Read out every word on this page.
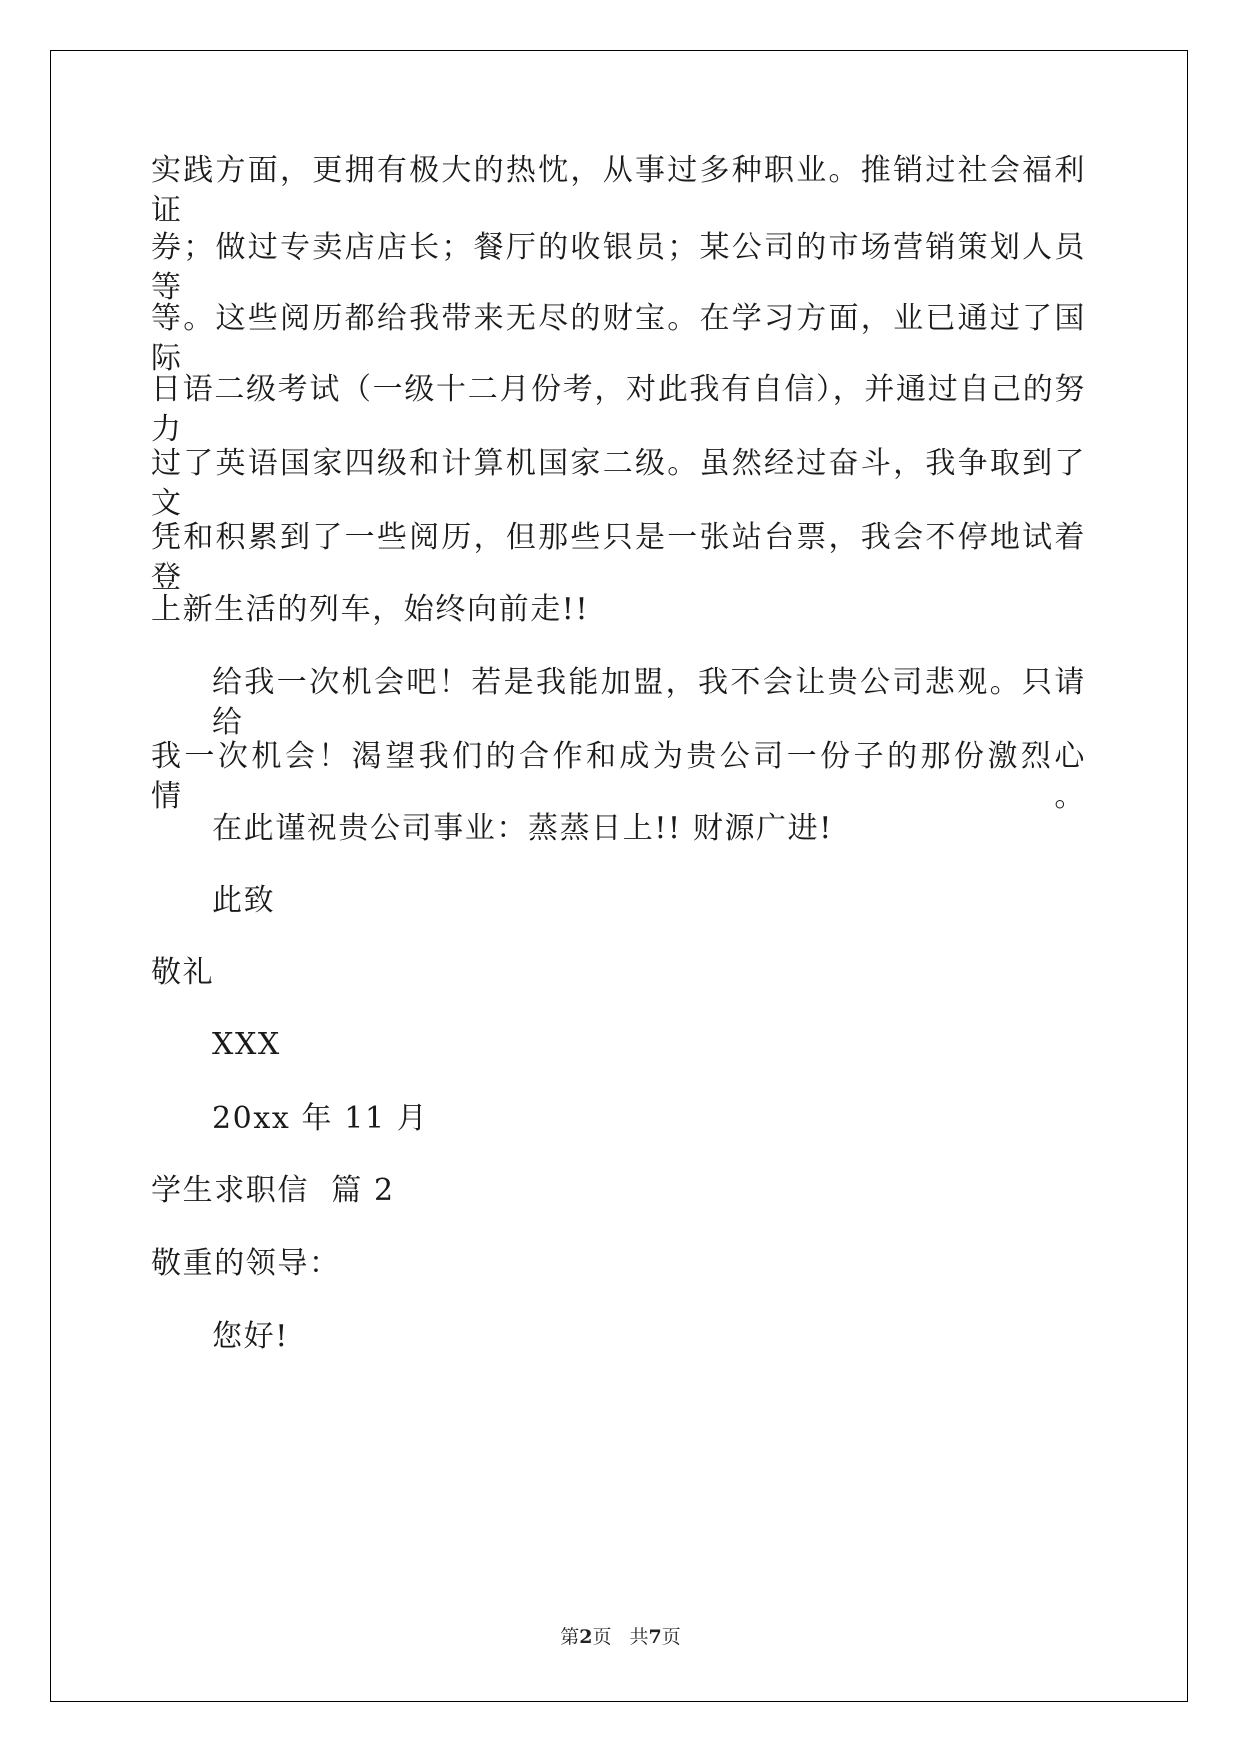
实践方面，更拥有极大的热忱，从事过多种职业。推销过社会福利证
券；做过专卖店店长；餐厅的收银员；某公司的市场营销策划人员等
等。这些阅历都给我带来无尽的财宝。在学习方面，业已通过了国际
日语二级考试（一级十二月份考，对此我有自信），并通过自己的努力
过了英语国家四级和计算机国家二级。虽然经过奋斗，我争取到了文
凭和积累到了一些阅历，但那些只是一张站台票，我会不停地试着登
上新生活的列车，始终向前走!!
给我一次机会吧！若是我能加盟，我不会让贵公司悲观。只请给
我一次机会！渴望我们的合作和成为贵公司一份子的那份激烈心情。
在此谨祝贵公司事业：蒸蒸日上!! 财源广进!
此致
敬礼
XXX
20xx 年 11 月
学生求职信  篇 2
敬重的领导：
您好!
第2页 共7页
